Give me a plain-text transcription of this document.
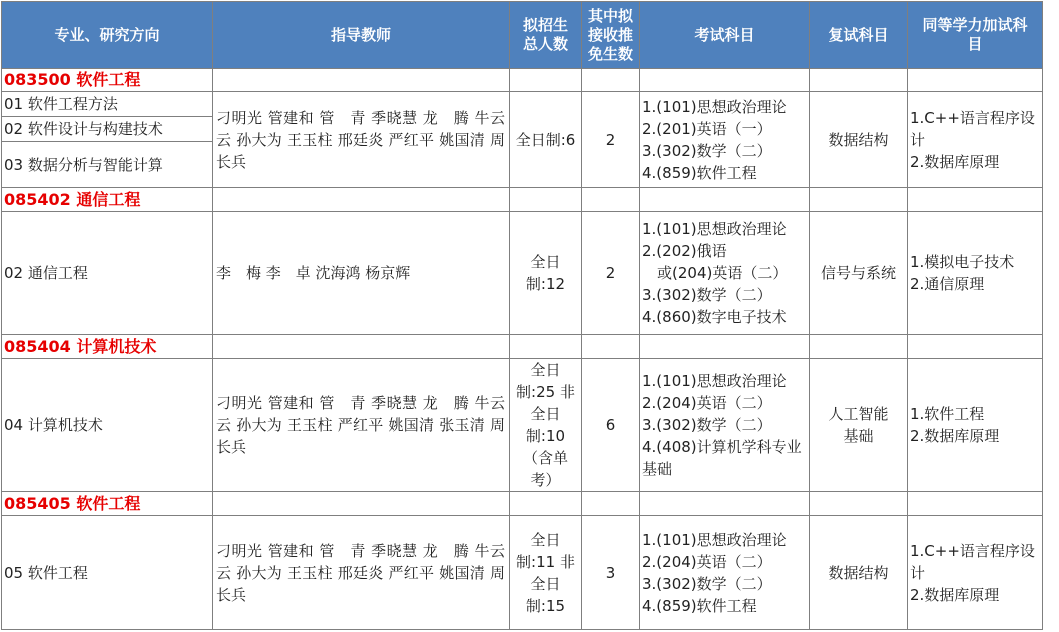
专业、研究方向	指导教师	拟招生总人数	其中拟接收推免生数	考试科目	复试科目	同等学力加试科目
083500 软件工程						
01 软件工程方法	刁明光 管建和 管　青 季晓慧 龙　腾 牛云云 孙大为 王玉柱 邢廷炎 严红平 姚国清 周长兵	全日制:6	2	1.(101)思想政治理论
2.(201)英语（一）
3.(302)数学（二）
4.(859)软件工程	数据结构	1.C++语言程序设计
2.数据库原理
02 软件设计与构建技术						
03 数据分析与智能计算						
085402 通信工程						
02 通信工程	李　梅 李　卓 沈海鸿 杨京辉	全日制:12	2	1.(101)思想政治理论
2.(202)俄语
　或(204)英语（二）
3.(302)数学（二）
4.(860)数字电子技术	信号与系统	1.模拟电子技术
2.通信原理
085404 计算机技术						
04 计算机技术	刁明光 管建和 管　青 季晓慧 龙　腾 牛云云 孙大为 王玉柱 严红平 姚国清 张玉清 周长兵	全日制:25 非全日制:10（含单考）	6	1.(101)思想政治理论
2.(204)英语（二）
3.(302)数学（二）
4.(408)计算机学科专业基础	人工智能基础	1.软件工程
2.数据库原理
085405 软件工程						
05 软件工程	刁明光 管建和 管　青 季晓慧 龙　腾 牛云云 孙大为 王玉柱 邢廷炎 严红平 姚国清 周长兵	全日制:11 非全日制:15	3	1.(101)思想政治理论
2.(204)英语（二）
3.(302)数学（二）
4.(859)软件工程	数据结构	1.C++语言程序设计
2.数据库原理
